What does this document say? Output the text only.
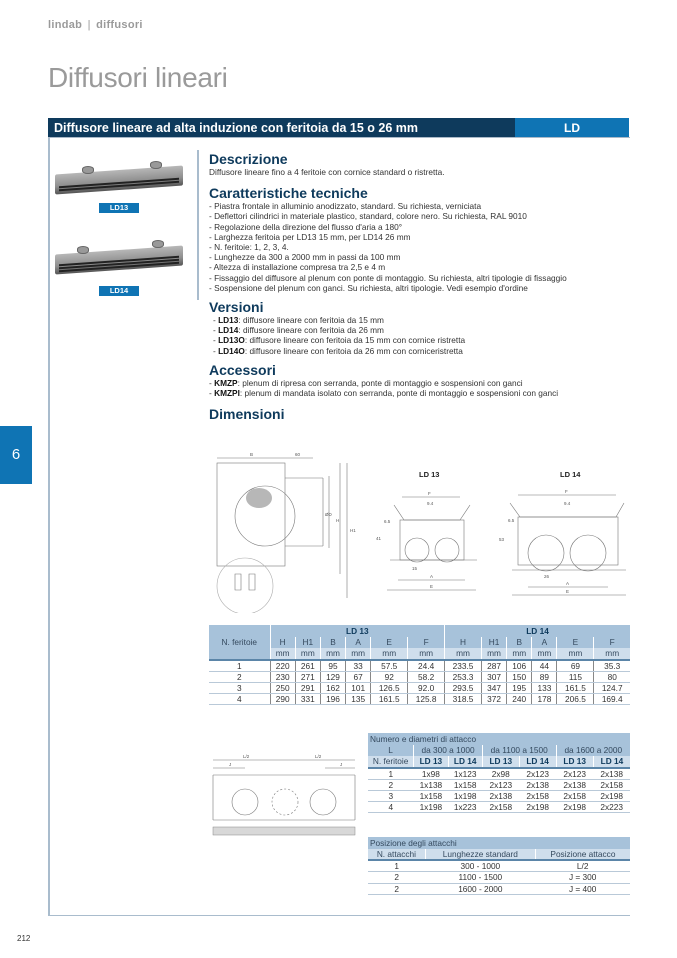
lindab | diffusori
Diffusori lineari
Diffusore lineare ad alta induzione con feritoia da 15 o 26 mm	LD
LD13
LD14
Descrizione

Diffusore lineare fino a 4 feritoie con cornice standard o ristretta.

Caratteristiche tecniche
- Piastra frontale in alluminio anodizzato, standard. Su richiesta, verniciata
- Deflettori cilindrici in materiale plastico, standard, colore nero. Su richiesta, RAL 9010
- Regolazione della direzione del flusso d'aria a 180°
- Larghezza feritoia per LD13 15 mm, per LD14 26 mm
- N. feritoie: 1, 2, 3, 4.
- Lunghezze da 300 a 2000 mm in passi da 100 mm
- Altezza di installazione compresa tra 2,5 e 4 m
- Fissaggio del diffusore al plenum con ponte di montaggio. Su richiesta, altri tipologie di fissaggio
- Sospensione del plenum con ganci. Su richiesta, altri tipologie. Vedi esempio d'ordine
Versioni
- LD13: diffusore lineare con feritoia da 15 mm
- LD14: diffusore lineare con feritoia da 26 mm
- LD13O: diffusore lineare con feritoia da 15 mm con cornice ristretta
- LD14O: diffusore lineare con feritoia da 26 mm con corniceristretta
Accessori
- KMZP: plenum di ripresa con serranda, ponte di montaggio e sospensioni con ganci
- KMZPI: plenum di mandata isolato con serranda, ponte di montaggio e sospensioni con ganci
Dimensioni
B	60
ØD
H
H1
LD 13
F
9.4
6.5
41
15
A
E
LD 14
F
9.4
6.5
53
26
A
E
N. feritoie	LD 13						LD 14					
	H	H1	B	A	E	F	H	H1	B	A	E	F
	mm	mm	mm	mm	mm	mm	mm	mm	mm	mm	mm	mm
1	220	261	95	33	57.5	24.4	233.5	287	106	44	69	35.3
2	230	271	129	67	92	58.2	253.3	307	150	89	115	80
3	250	291	162	101	126.5	92.0	293.5	347	195	133	161.5	124.7
4	290	331	196	135	161.5	125.8	318.5	372	240	178	206.5	169.4
L/2	L/2
J	J
Numero e diametri di attacco						
L	da 300 a 1000		da 1100 a 1500		da 1600 a 2000	
N. feritoie	LD 13	LD 14	LD 13	LD 14	LD 13	LD 14
1	1x98	1x123	2x98	2x123	2x123	2x138
2	1x138	1x158	2x123	2x138	2x138	2x158
3	1x158	1x198	2x138	2x158	2x158	2x198
4	1x198	1x223	2x158	2x198	2x198	2x223
Posizione degli attacchi		
N. attacchi	Lunghezze standard	Posizione attacco
1	300 - 1000	L/2
2	1100 - 1500	J = 300
2	1600 - 2000	J = 400
6
212
